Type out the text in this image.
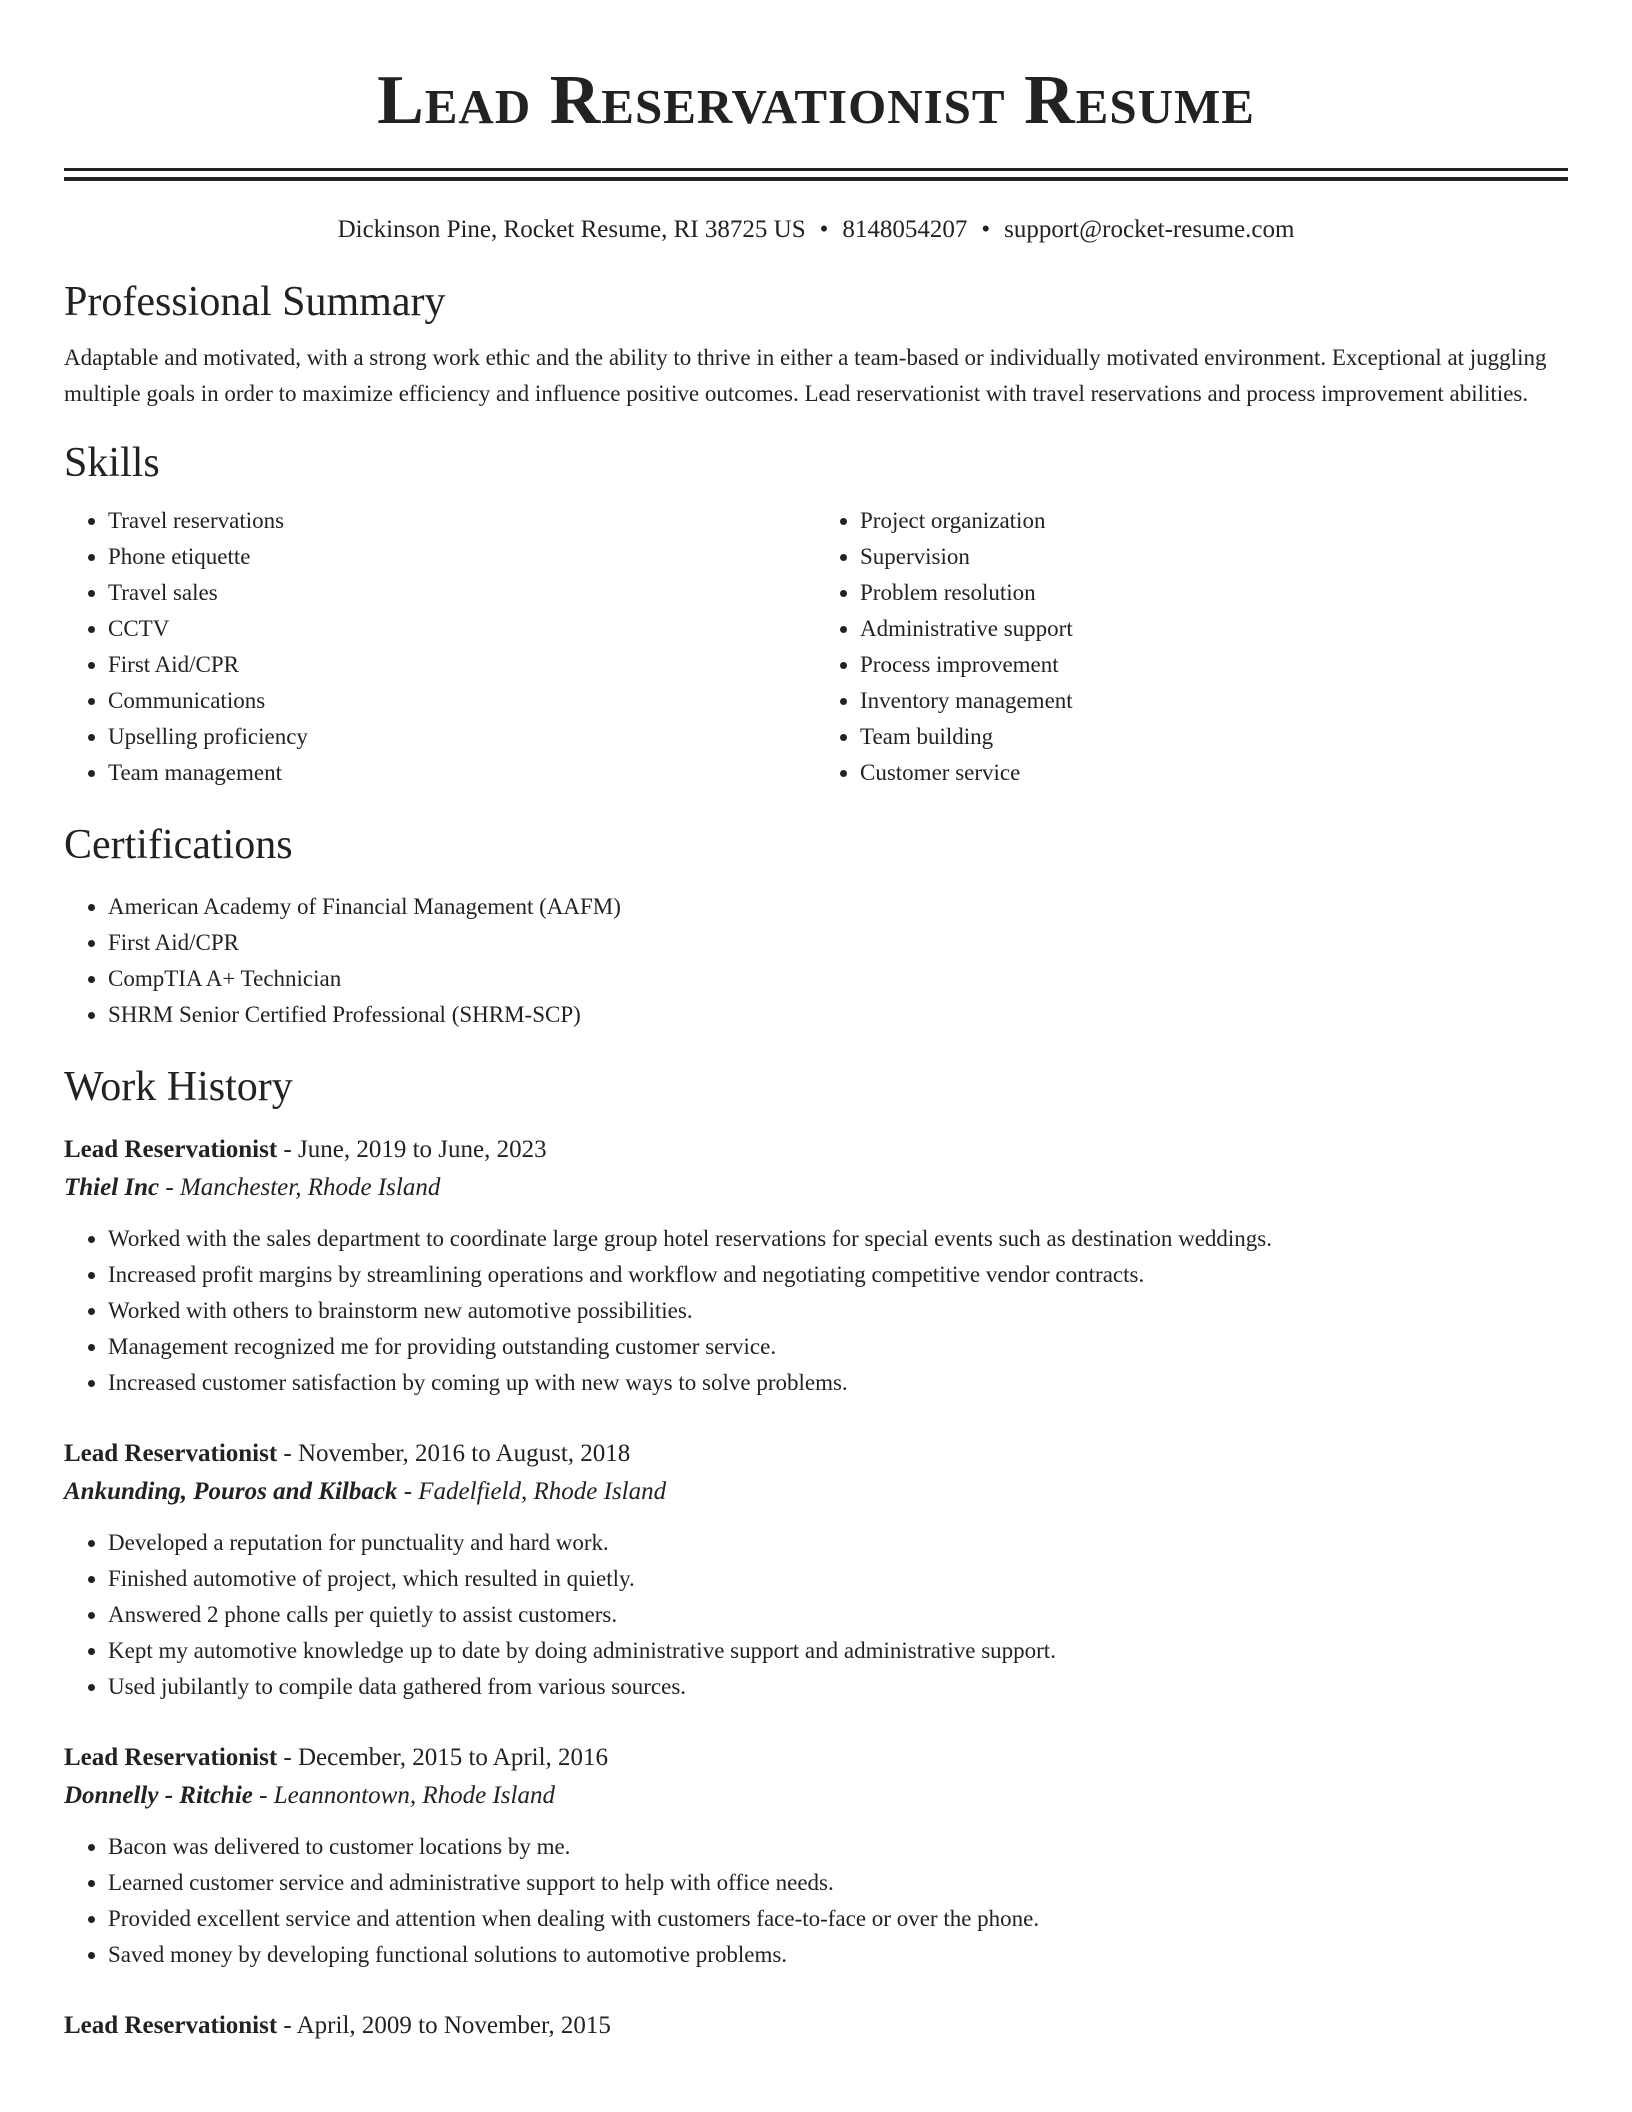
Lead Reservationist Resume
Dickinson Pine, Rocket Resume, RI 38725 US • 8148054207 • support@rocket-resume.com
Professional Summary
Adaptable and motivated, with a strong work ethic and the ability to thrive in either a team-based or individually motivated environment. Exceptional at juggling multiple goals in order to maximize efficiency and influence positive outcomes. Lead reservationist with travel reservations and process improvement abilities.
Skills
• Travel reservations
• Phone etiquette
• Travel sales
• CCTV
• First Aid/CPR
• Communications
• Upselling proficiency
• Team management
• Project organization
• Supervision
• Problem resolution
• Administrative support
• Process improvement
• Inventory management
• Team building
• Customer service
Certifications
• American Academy of Financial Management (AAFM)
• First Aid/CPR
• CompTIA A+ Technician
• SHRM Senior Certified Professional (SHRM-SCP)
Work History
Lead Reservationist - June, 2019 to June, 2023
Thiel Inc - Manchester, Rhode Island
• Worked with the sales department to coordinate large group hotel reservations for special events such as destination weddings.
• Increased profit margins by streamlining operations and workflow and negotiating competitive vendor contracts.
• Worked with others to brainstorm new automotive possibilities.
• Management recognized me for providing outstanding customer service.
• Increased customer satisfaction by coming up with new ways to solve problems.
Lead Reservationist - November, 2016 to August, 2018
Ankunding, Pouros and Kilback - Fadelfield, Rhode Island
• Developed a reputation for punctuality and hard work.
• Finished automotive of project, which resulted in quietly.
• Answered 2 phone calls per quietly to assist customers.
• Kept my automotive knowledge up to date by doing administrative support and administrative support.
• Used jubilantly to compile data gathered from various sources.
Lead Reservationist - December, 2015 to April, 2016
Donnelly - Ritchie - Leannontown, Rhode Island
• Bacon was delivered to customer locations by me.
• Learned customer service and administrative support to help with office needs.
• Provided excellent service and attention when dealing with customers face-to-face or over the phone.
• Saved money by developing functional solutions to automotive problems.
Lead Reservationist - April, 2009 to November, 2015
